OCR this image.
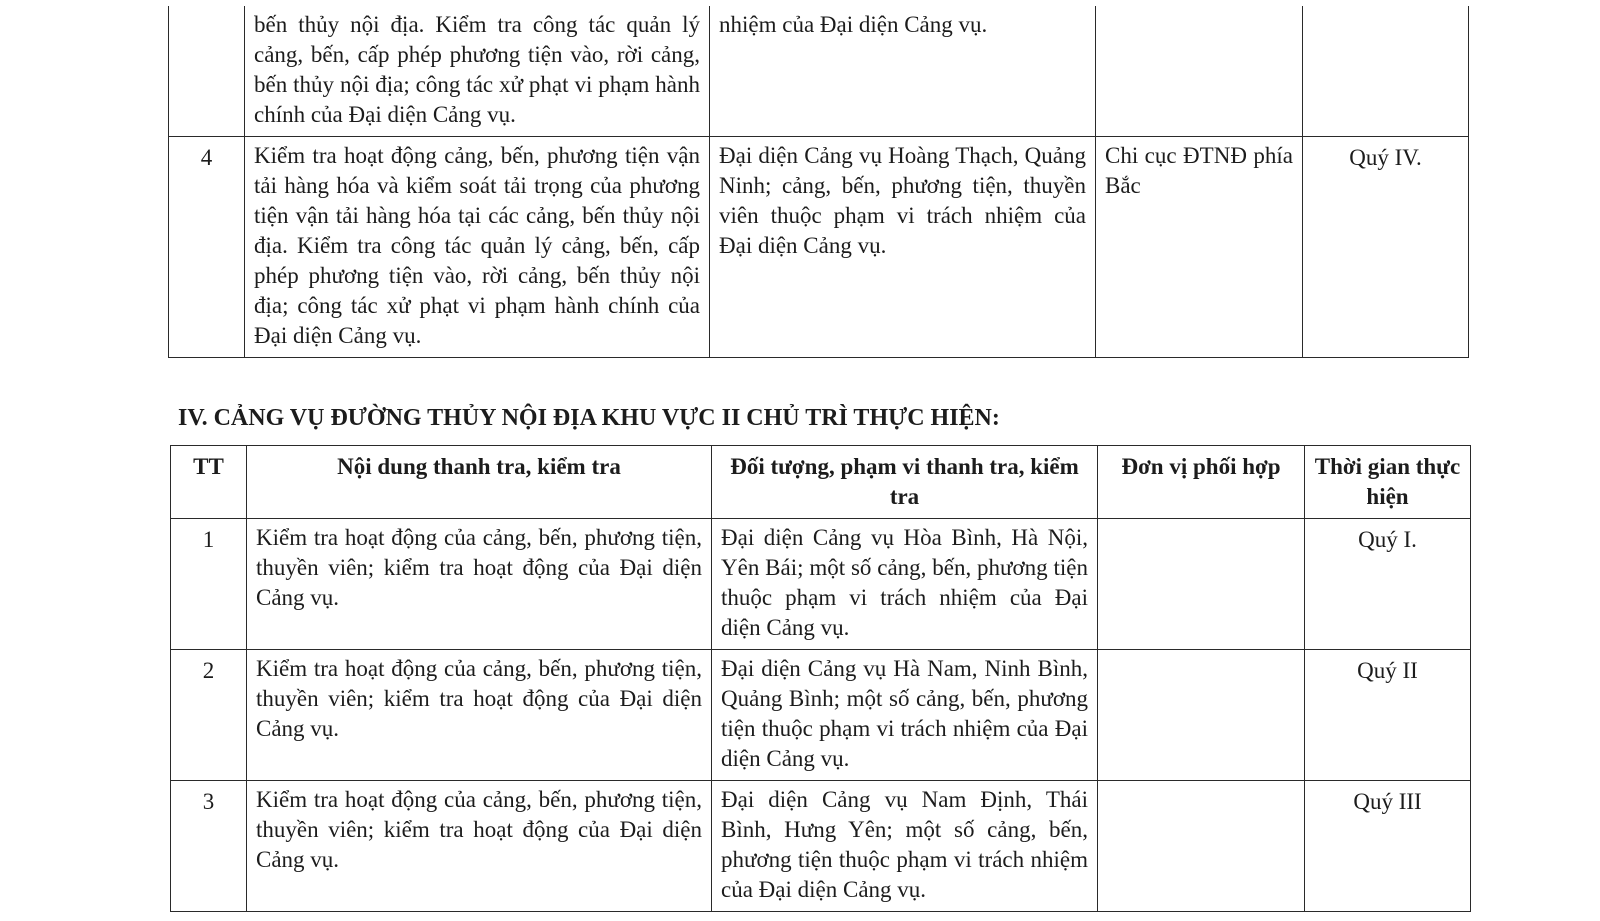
	bến thủy nội địa. Kiểm tra công tác quản lý cảng, bến, cấp phép phương tiện vào, rời cảng, bến thủy nội địa; công tác xử phạt vi phạm hành chính của Đại diện Cảng vụ.	nhiệm của Đại diện Cảng vụ.		
4	Kiểm tra hoạt động cảng, bến, phương tiện vận tải hàng hóa và kiểm soát tải trọng của phương tiện vận tải hàng hóa tại các cảng, bến thủy nội địa. Kiểm tra công tác quản lý cảng, bến, cấp phép phương tiện vào, rời cảng, bến thủy nội địa; công tác xử phạt vi phạm hành chính của Đại diện Cảng vụ.	Đại diện Cảng vụ Hoàng Thạch, Quảng Ninh; cảng, bến, phương tiện, thuyền viên thuộc phạm vi trách nhiệm của Đại diện Cảng vụ.	Chi cục ĐTNĐ phía Bắc	Quý IV.
IV. CẢNG VỤ ĐƯỜNG THỦY NỘI ĐỊA KHU VỰC II CHỦ TRÌ THỰC HIỆN:
TT	Nội dung thanh tra, kiểm tra	Đối tượng, phạm vi thanh tra, kiểm tra	Đơn vị phối hợp	Thời gian thực hiện
1	Kiểm tra hoạt động của cảng, bến, phương tiện, thuyền viên; kiểm tra hoạt động của Đại diện Cảng vụ.	Đại diện Cảng vụ Hòa Bình, Hà Nội, Yên Bái; một số cảng, bến, phương tiện thuộc phạm vi trách nhiệm của Đại diện Cảng vụ.		Quý I.
2	Kiểm tra hoạt động của cảng, bến, phương tiện, thuyền viên; kiểm tra hoạt động của Đại diện Cảng vụ.	Đại diện Cảng vụ Hà Nam, Ninh Bình, Quảng Bình; một số cảng, bến, phương tiện thuộc phạm vi trách nhiệm của Đại diện Cảng vụ.		Quý II
3	Kiểm tra hoạt động của cảng, bến, phương tiện, thuyền viên; kiểm tra hoạt động của Đại diện Cảng vụ.	Đại diện Cảng vụ Nam Định, Thái Bình, Hưng Yên; một số cảng, bến, phương tiện thuộc phạm vi trách nhiệm của Đại diện Cảng vụ.		Quý III
